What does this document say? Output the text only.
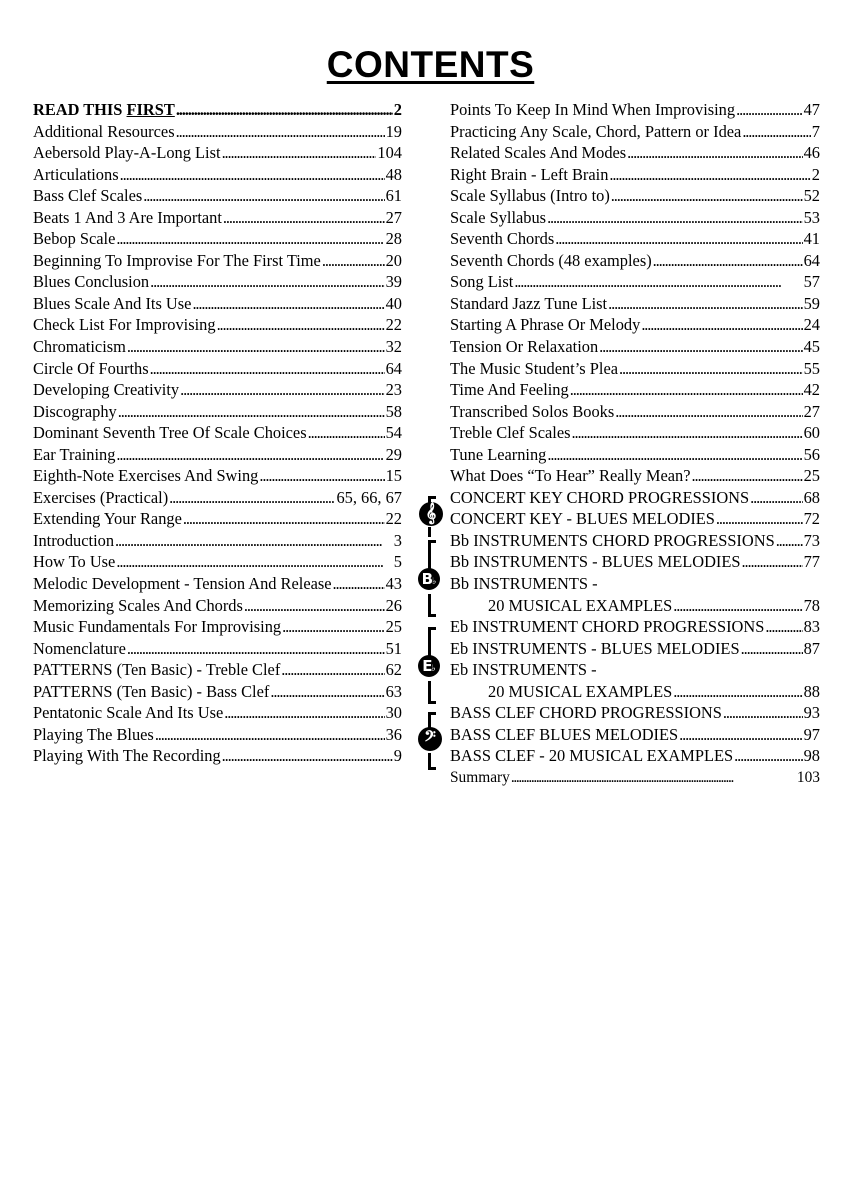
CONTENTS
READ THIS FIRST . . .	2
Additional Resources . . .	19
Aebersold Play-A-Long List . . .	104
Articulations . . .	48
Bass Clef Scales . . .	61
Beats 1 And 3 Are Important . . .	27
Bebop Scale . . .	28
Beginning To Improvise For The First Time . . .	20
Blues Conclusion . . .	39
Blues Scale And Its Use . . .	40
Check List For Improvising . . .	22
Chromaticism . . .	32
Circle Of Fourths . . .	64
Developing Creativity . . .	23
Discography . . .	58
Dominant Seventh Tree Of Scale Choices . . .	54
Ear Training . . .	29
Eighth-Note Exercises And Swing . . .	15
Exercises (Practical) . . .	65, 66, 67
Extending Your Range . . .	22
Introduction . . .	3
How To Use . . .	5
Melodic Development - Tension And Release . . .	43
Memorizing Scales And Chords . . .	26
Music Fundamentals For Improvising . . .	25
Nomenclature . . .	51
PATTERNS (Ten Basic) - Treble Clef . . .	62
PATTERNS (Ten Basic) - Bass Clef . . .	63
Pentatonic Scale And Its Use . . .	30
Playing The Blues . . .	36
Playing With The Recording . . .	9
Points To Keep In Mind When Improvising . . .	47
Practicing Any Scale, Chord, Pattern or Idea . . .	7
Related Scales And Modes . . .	46
Right Brain - Left Brain . . .	2
Scale Syllabus (Intro to) . . .	52
Scale Syllabus . . .	53
Seventh Chords . . .	41
Seventh Chords (48 examples) . . .	64
Song List . . .	57
Standard Jazz Tune List . . .	59
Starting A Phrase Or Melody . . .	24
Tension Or Relaxation . . .	45
The Music Student’s Plea . . .	55
Time And Feeling . . .	42
Transcribed Solos Books . . .	27
Treble Clef Scales . . .	60
Tune Learning . . .	56
What Does “To Hear” Really Mean? . . .	25
CONCERT KEY CHORD PROGRESSIONS . . .	68
CONCERT KEY - BLUES MELODIES . . .	72
Bb INSTRUMENTS CHORD PROGRESSIONS . . . 73
Bb INSTRUMENTS - BLUES MELODIES . . .	77
Bb INSTRUMENTS -
20 MUSICAL EXAMPLES . . .	78
Eb INSTRUMENT CHORD PROGRESSIONS . . . 83
Eb INSTRUMENTS - BLUES MELODIES . . .	87
Eb INSTRUMENTS -
20 MUSICAL EXAMPLES . . .	88
BASS CLEF CHORD PROGRESSIONS . . .	93
BASS CLEF BLUES MELODIES . . .	97
BASS CLEF - 20 MUSICAL EXAMPLES . . .	98
Summary . . .	103
𝄞
B♭
E♭
𝄢
